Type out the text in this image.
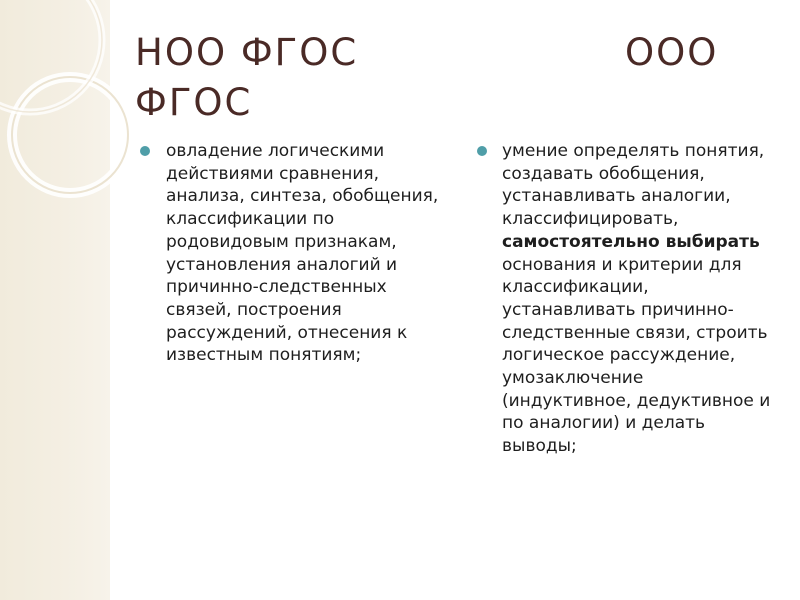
НОО ФГОС	ООО
ФГОС

овладение логическими действиями сравнения, анализа, синтеза, обобщения, классификации по родовидовым признакам, установления аналогий и причинно-следственных связей, построения рассуждений, отнесения к известным понятиям;

умение определять понятия, создавать обобщения, устанавливать аналогии, классифицировать, самостоятельно выбирать основания и критерии для классификации, устанавливать причинно-следственные связи, строить логическое рассуждение, умозаключение (индуктивное, дедуктивное и по аналогии) и делать выводы;
